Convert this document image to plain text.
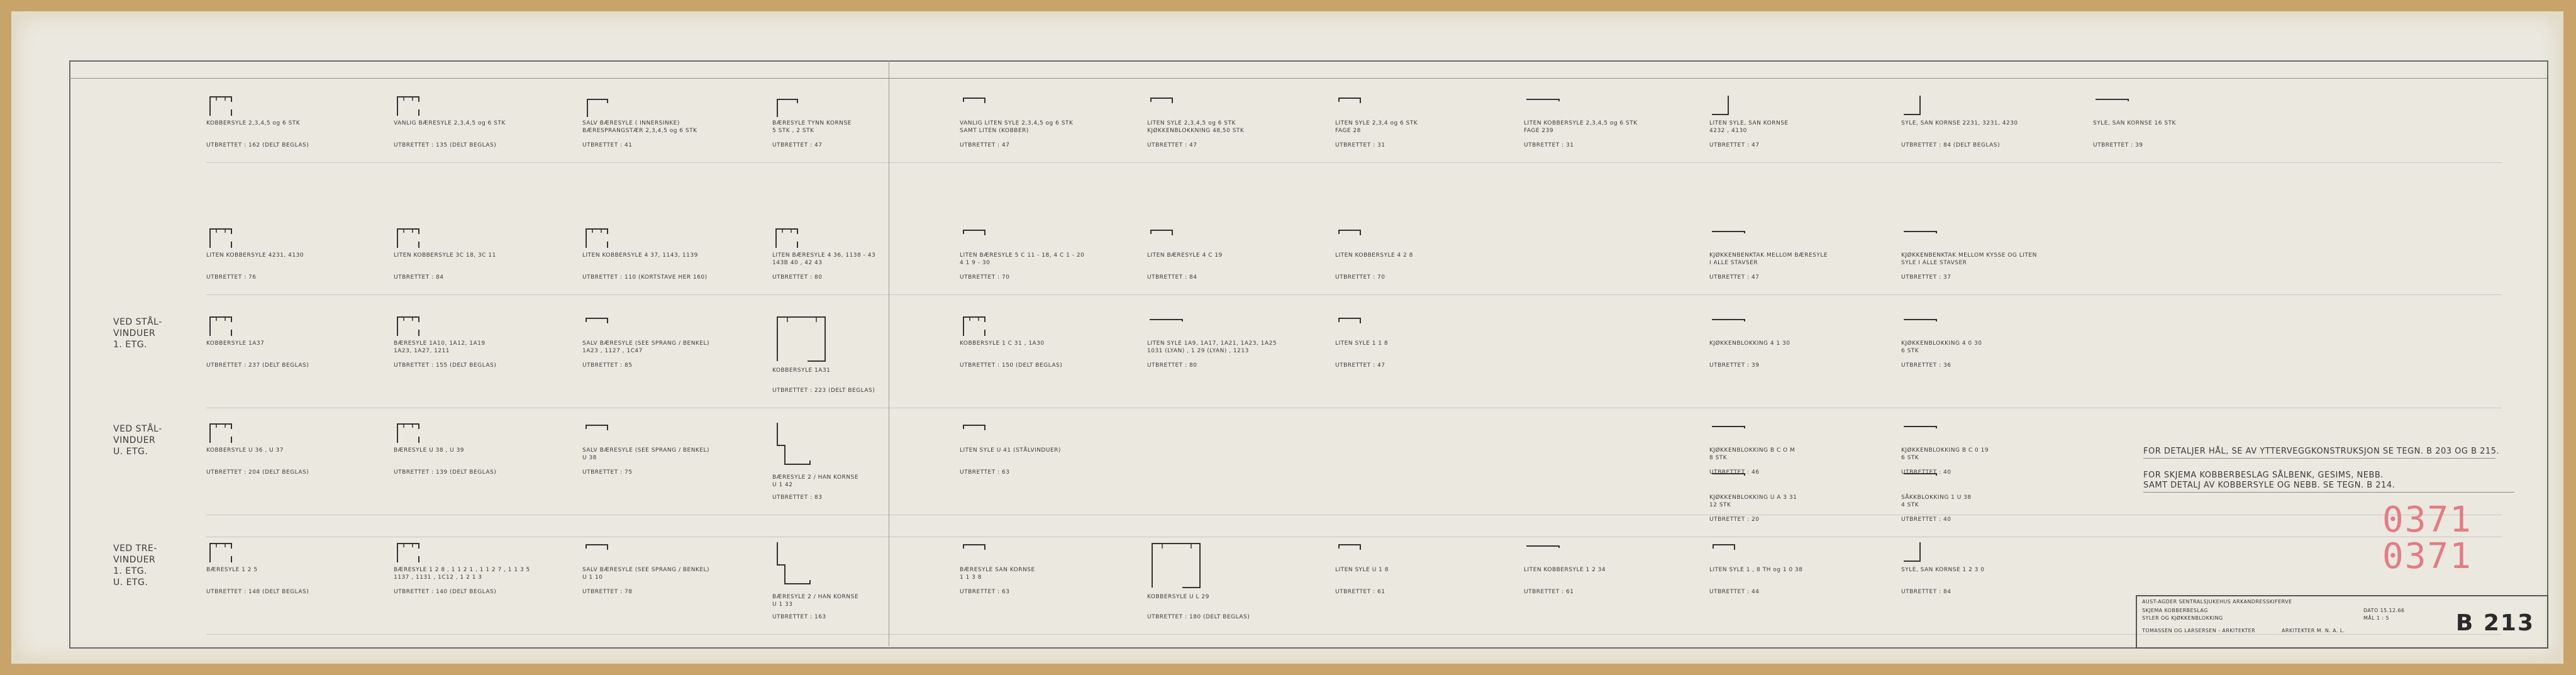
KOBBERSYLE 2,3,4,5 og 6 STK
UTBRETTET : 162 (DELT BEGLAS)
VANLIG BÆRESYLE 2,3,4,5 og 6 STK
UTBRETTET : 135 (DELT BEGLAS)
SALV BÆRESYLE ( INNERSINKE)
BÆRESPRANGSTÆR 2,3,4,5 og 6 STK
UTBRETTET : 41
BÆRESYLE TYNN KORNSE
5 STK , 2 STK
UTBRETTET : 47
VANLIG LITEN SYLE 2,3,4,5 og 6 STK
SAMT LITEN (KOBBER)
UTBRETTET : 47
LITEN SYLE 2,3,4,5 og 6 STK
KJØKKENBLOKKNING 48,50 STK
UTBRETTET : 47
LITEN SYLE 2,3,4 og 6 STK
FAGE 28
UTBRETTET : 31
LITEN KOBBERSYLE 2,3,4,5 og 6 STK
FAGE 239
UTBRETTET : 31
LITEN SYLE, SAN KORNSE
4232 , 4130
UTBRETTET : 47
SYLE, SAN KORNSE 2231, 3231, 4230
UTBRETTET : 84 (DELT BEGLAS)
SYLE, SAN KORNSE 16 STK
UTBRETTET : 39
LITEN KOBBERSYLE 4231, 4130
UTBRETTET : 76
LITEN KOBBERSYLE 3C 18, 3C 11
UTBRETTET : 84
LITEN KOBBERSYLE 4 37, 1143, 1139
UTBRETTET : 110 (KORTSTAVE HER 160)
LITEN BÆRESYLE 4 36, 1138 - 43
143B 40 , 42 43
UTBRETTET : 80
LITEN BÆRESYLE 5 C 11 - 18, 4 C 1 - 20
4 1 9 - 30
UTBRETTET : 70
LITEN BÆRESYLE 4 C 19
UTBRETTET : 84
LITEN KOBBERSYLE 4 2 8
UTBRETTET : 70
KJØKKENBENKTAK MELLOM BÆRESYLE
I ALLE STAVSER
UTBRETTET : 47
KJØKKENBENKTAK MELLOM KYSSE OG LITEN
SYLE I ALLE STAVSER
UTBRETTET : 37
VED STÅL-
VINDUER
1. ETG.	KOBBERSYLE 1A37
UTBRETTET : 237 (DELT BEGLAS)
BÆRESYLE 1A10, 1A12, 1A19
1A23, 1A27, 1211
UTBRETTET : 155 (DELT BEGLAS)
SALV BÆRESYLE (SEE SPRANG / BENKEL)
1A23 , 1127 , 1C47
UTBRETTET : 85
KOBBERSYLE 1A31
UTBRETTET : 223 (DELT BEGLAS)
KOBBERSYLE 1 C 31 , 1A30
UTBRETTET : 150 (DELT BEGLAS)
LITEN SYLE 1A9, 1A17, 1A21, 1A23, 1A25
1031 (LYAN) , 1 29 (LYAN) , 1213
UTBRETTET : 80
LITEN SYLE 1 1 8
UTBRETTET : 47
KJØKKENBLOKKING 4 1 30
UTBRETTET : 39
KJØKKENBLOKKING 4 0 30
6 STK
UTBRETTET : 36
VED STÅL-
VINDUER
U. ETG.	KOBBERSYLE U 36 , U 37
UTBRETTET : 204 (DELT BEGLAS)
BÆRESYLE U 38 , U 39
UTBRETTET : 139 (DELT BEGLAS)
SALV BÆRESYLE (SEE SPRANG / BENKEL)
U 38
UTBRETTET : 75
BÆRESYLE 2 / HAN KORNSE
U 1 42
UTBRETTET : 83
LITEN SYLE U 41 (STÅLVINDUER)
UTBRETTET : 63
KJØKKENBLOKKING B C O M
8 STK
UTBRETTET : 46
KJØKKENBLOKKING B C 0 19
6 STK
UTBRETTET : 40
KJØKKENBLOKKING U A 3 31
12 STK
UTBRETTET : 20
SÅKKBLOKKING 1 U 38
4 STK
UTBRETTET : 40
VED TRE-
VINDUER
1. ETG.
U. ETG.
BÆRESYLE 1 2 5
UTBRETTET : 148 (DELT BEGLAS)
BÆRESYLE 1 2 8 , 1 1 2 1 , 1 1 2 7 , 1 1 3 5
1137 , 1131 , 1C12 , 1 2 1 3
UTBRETTET : 140 (DELT BEGLAS)
SALV BÆRESYLE (SEE SPRANG / BENKEL)
U 1 10
UTBRETTET : 78
BÆRESYLE 2 / HAN KORNSE
U 1 33
UTBRETTET : 163
BÆRESYLE SAN KORNSE
1 1 3 8
UTBRETTET : 63
KOBBERSYLE U L 29
UTBRETTET : 180 (DELT BEGLAS)
LITEN SYLE U 1 8
UTBRETTET : 61
LITEN KOBBERSYLE 1 2 34
UTBRETTET : 61
LITEN SYLE 1 , 8 TH og 1 0 38
UTBRETTET : 44
SYLE, SAN KORNSE 1 2 3 0
UTBRETTET : 84
FOR DETALJER HÅL, SE AV YTTERVEGGKONSTRUKSJON SE TEGN. B 203 OG B 215.
FOR SKJEMA KOBBERBESLAG SÅLBENK, GESIMS, NEBB.
SAMT DETALJ AV KOBBERSYLE OG NEBB. SE TEGN. B 214.
0371
0371
AUST-AGDER SENTRALSJUKEHUS ARKANDRESSKIFERVE
SKJEMA KOBBERBESLAG
SYLER OG KJØKKENBLOKKING
TOMASSEN OG LARSERSEN - ARKITEKTER	ARKITEKTER M. N. A. L.
DATO 15.12.66
MÅL 1 : 5	B 213
